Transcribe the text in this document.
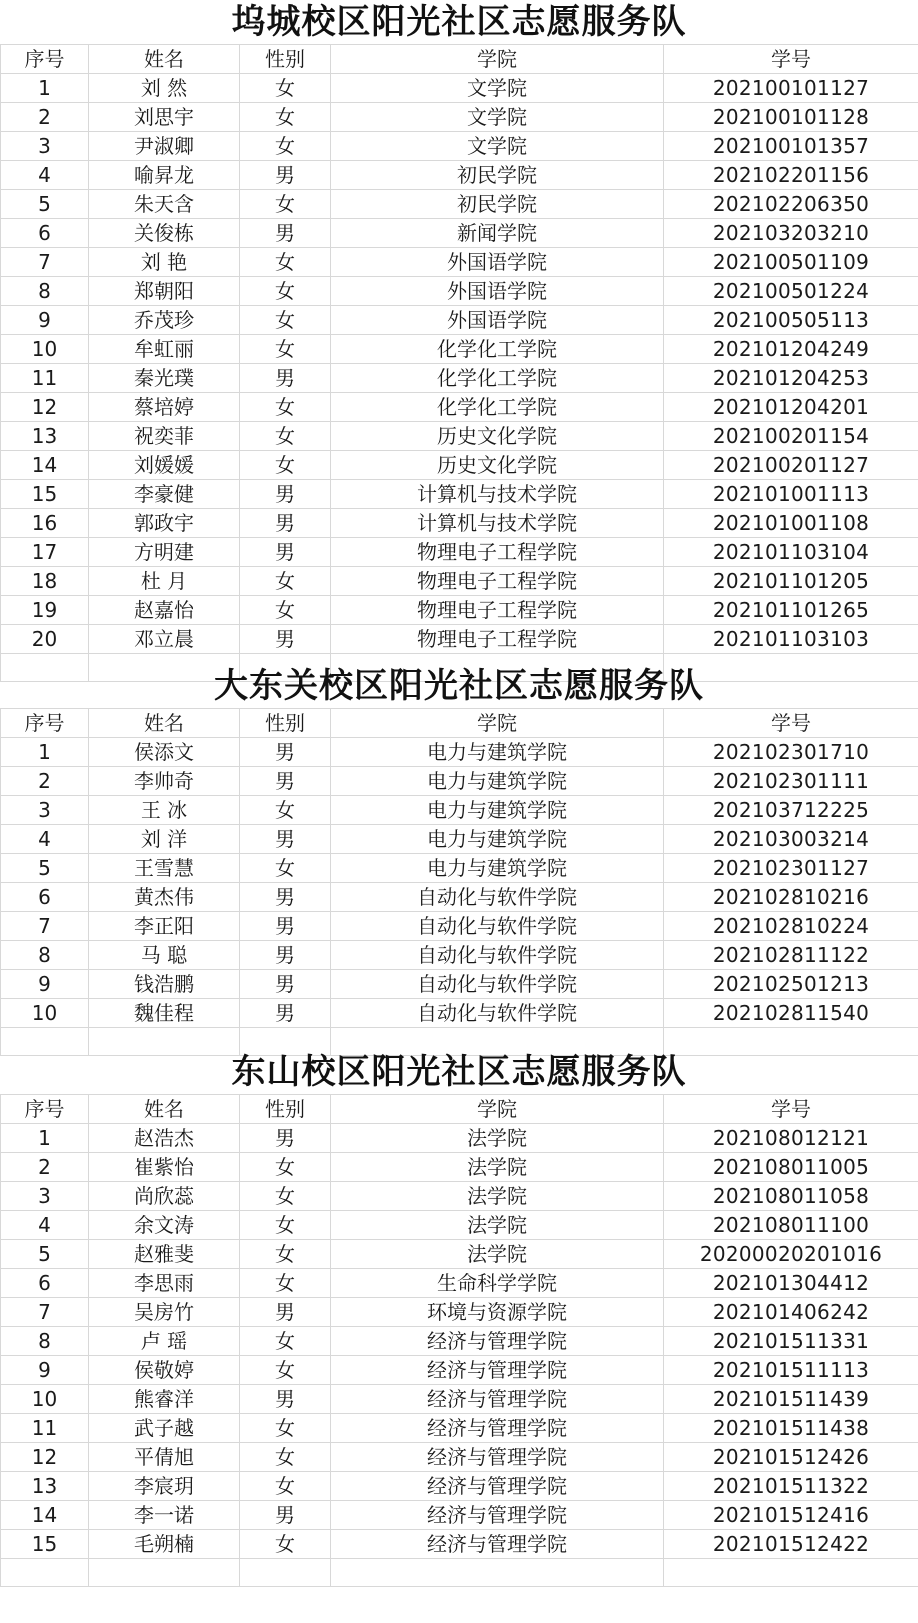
坞城校区阳光社区志愿服务队
序号	姓名	性别	学院	学号
1	刘 然	女	文学院	202100101127
2	刘思宇	女	文学院	202100101128
3	尹淑卿	女	文学院	202100101357
4	喻昇龙	男	初民学院	202102201156
5	朱天含	女	初民学院	202102206350
6	关俊栋	男	新闻学院	202103203210
7	刘 艳	女	外国语学院	202100501109
8	郑朝阳	女	外国语学院	202100501224
9	乔茂珍	女	外国语学院	202100505113
10	牟虹丽	女	化学化工学院	202101204249
11	秦光璞	男	化学化工学院	202101204253
12	蔡培婷	女	化学化工学院	202101204201
13	祝奕菲	女	历史文化学院	202100201154
14	刘媛媛	女	历史文化学院	202100201127
15	李豪健	男	计算机与技术学院	202101001113
16	郭政宇	男	计算机与技术学院	202101001108
17	方明建	男	物理电子工程学院	202101103104
18	杜 月	女	物理电子工程学院	202101101205
19	赵嘉怡	女	物理电子工程学院	202101101265
20	邓立晨	男	物理电子工程学院	202101103103

大东关校区阳光社区志愿服务队
序号	姓名	性别	学院	学号
1	侯添文	男	电力与建筑学院	202102301710
2	李帅奇	男	电力与建筑学院	202102301111
3	王 冰	女	电力与建筑学院	202103712225
4	刘 洋	男	电力与建筑学院	202103003214
5	王雪慧	女	电力与建筑学院	202102301127
6	黄杰伟	男	自动化与软件学院	202102810216
7	李正阳	男	自动化与软件学院	202102810224
8	马 聪	男	自动化与软件学院	202102811122
9	钱浩鹏	男	自动化与软件学院	202102501213
10	魏佳程	男	自动化与软件学院	202102811540

东山校区阳光社区志愿服务队
序号	姓名	性别	学院	学号
1	赵浩杰	男	法学院	202108012121
2	崔紫怡	女	法学院	202108011005
3	尚欣蕊	女	法学院	202108011058
4	余文涛	女	法学院	202108011100
5	赵雅斐	女	法学院	20200020201016
6	李思雨	女	生命科学学院	202101304412
7	吴房竹	男	环境与资源学院	202101406242
8	卢 瑶	女	经济与管理学院	202101511331
9	侯敬婷	女	经济与管理学院	202101511113
10	熊睿洋	男	经济与管理学院	202101511439
11	武子越	女	经济与管理学院	202101511438
12	平倩旭	女	经济与管理学院	202101512426
13	李宸玥	女	经济与管理学院	202101511322
14	李一诺	男	经济与管理学院	202101512416
15	毛朔楠	女	经济与管理学院	202101512422
